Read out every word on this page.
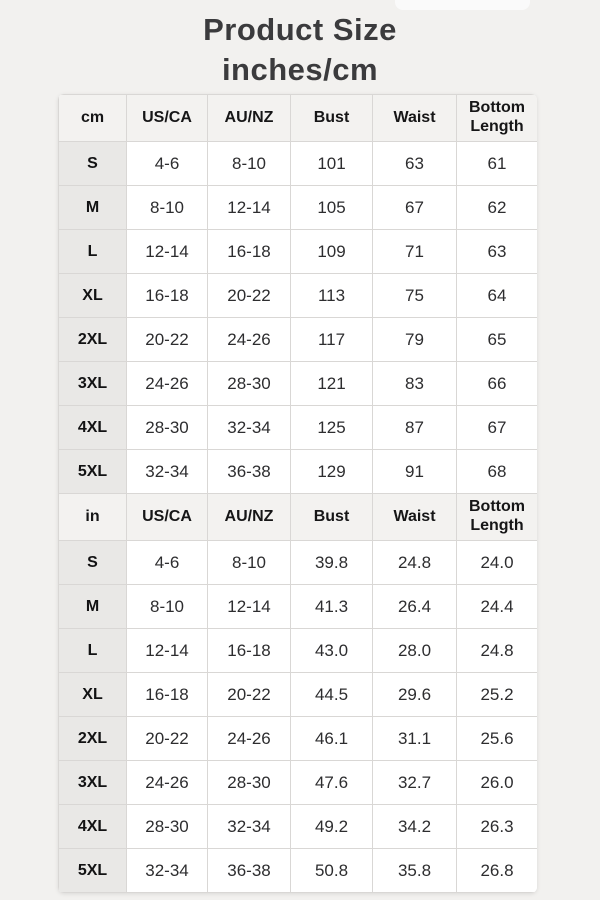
Product Size
inches/cm
cm	US/CA	AU/NZ	Bust	Waist	Bottom Length
S	4-6	8-10	101	63	61
M	8-10	12-14	105	67	62
L	12-14	16-18	109	71	63
XL	16-18	20-22	113	75	64
2XL	20-22	24-26	117	79	65
3XL	24-26	28-30	121	83	66
4XL	28-30	32-34	125	87	67
5XL	32-34	36-38	129	91	68
in	US/CA	AU/NZ	Bust	Waist	Bottom Length
S	4-6	8-10	39.8	24.8	24.0
M	8-10	12-14	41.3	26.4	24.4
L	12-14	16-18	43.0	28.0	24.8
XL	16-18	20-22	44.5	29.6	25.2
2XL	20-22	24-26	46.1	31.1	25.6
3XL	24-26	28-30	47.6	32.7	26.0
4XL	28-30	32-34	49.2	34.2	26.3
5XL	32-34	36-38	50.8	35.8	26.8
